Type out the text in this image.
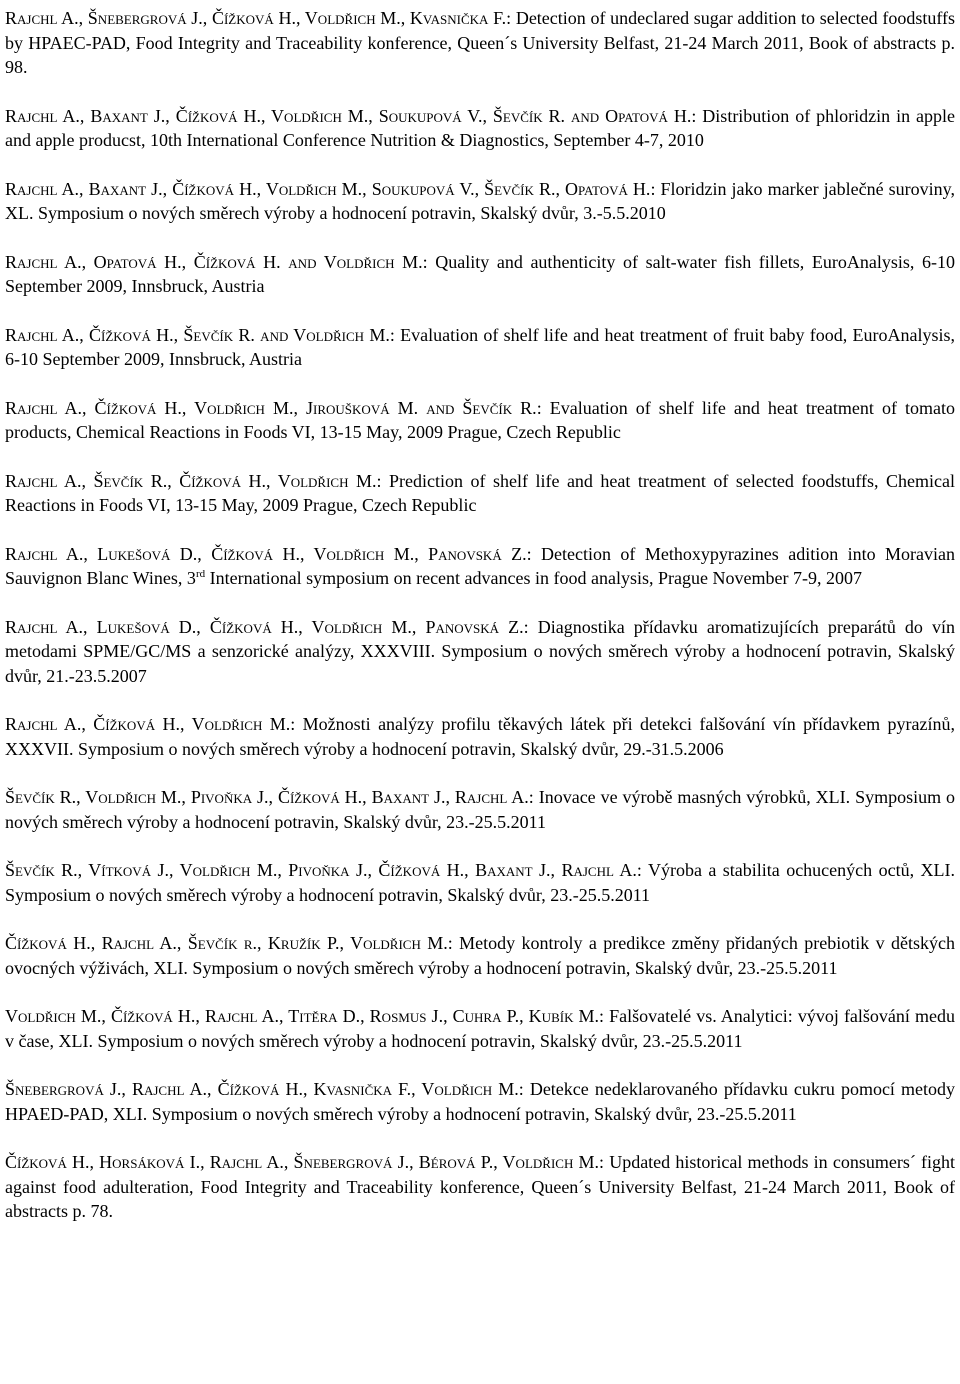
Rajchl A., Šnebergrová J., Čížková H., Voldřich M., Kvasnička F.: Detection of undeclared sugar addition to selected foodstuffs by HPAEC-PAD, Food Integrity and Traceability konference, Queen´s University Belfast, 21-24 March 2011, Book of abstracts p. 98.

Rajchl A., Baxant J., Čížková H., Voldřich M., Soukupová V., Ševčík R. and Opatová H.: Distribution of phloridzin in apple and apple producst, 10th International Conference Nutrition & Diagnostics, September 4-7, 2010

Rajchl A., Baxant J., Čížková H., Voldřich M., Soukupová V., Ševčík R., Opatová H.: Floridzin jako marker jablečné suroviny, XL. Symposium o nových směrech výroby a hodnocení potravin, Skalský dvůr, 3.-5.5.2010

Rajchl A., Opatová H., Čížková H. and Voldřich M.: Quality and authenticity of salt-water fish fillets, EuroAnalysis, 6-10 September 2009, Innsbruck, Austria

Rajchl A., Čížková H., Ševčík R. and Voldřich M.: Evaluation of shelf life and heat treatment of fruit baby food, EuroAnalysis, 6-10 September 2009, Innsbruck, Austria

Rajchl A., Čížková H., Voldřich M., Jiroušková M. and Ševčík R.: Evaluation of shelf life and heat treatment of tomato products, Chemical Reactions in Foods VI, 13-15 May, 2009 Prague, Czech Republic

Rajchl A., Ševčík R., Čížková H., Voldřich M.: Prediction of shelf life and heat treatment of selected foodstuffs, Chemical Reactions in Foods VI, 13-15 May, 2009 Prague, Czech Republic

Rajchl A., Lukešová D., Čížková H., Voldřich M., Panovská Z.: Detection of Methoxypyrazines adition into Moravian Sauvignon Blanc Wines, 3rd International symposium on recent advances in food analysis, Prague November 7-9, 2007

Rajchl A., Lukešová D., Čížková H., Voldřich M., Panovská Z.: Diagnostika přídavku aromatizujících preparátů do vín metodami SPME/GC/MS a senzorické analýzy, XXXVIII. Symposium o nových směrech výroby a hodnocení potravin, Skalský dvůr, 21.-23.5.2007

Rajchl A., Čížková H., Voldřich M.: Možnosti analýzy profilu těkavých látek při detekci falšování vín přídavkem pyrazínů, XXXVII. Symposium o nových směrech výroby a hodnocení potravin, Skalský dvůr, 29.-31.5.2006

Ševčík R., Voldřich M., Pivoňka J., Čížková H., Baxant J., Rajchl A.: Inovace ve výrobě masných výrobků, XLI. Symposium o nových směrech výroby a hodnocení potravin, Skalský dvůr, 23.-25.5.2011

Ševčík R., Vítková J., Voldřich M., Pivoňka J., Čížková H., Baxant J., Rajchl A.: Výroba a stabilita ochucených octů, XLI. Symposium o nových směrech výroby a hodnocení potravin, Skalský dvůr, 23.-25.5.2011

Čížková H., Rajchl A., Ševčík r., Kružík P., Voldřich M.: Metody kontroly a predikce změny přidaných prebiotik v dětských ovocných výživách, XLI. Symposium o nových směrech výroby a hodnocení potravin, Skalský dvůr, 23.-25.5.2011

Voldřich M., Čížková H., Rajchl A., Titěra D., Rosmus J., Cuhra P., Kubík M.: Falšovatelé vs. Analytici: vývoj falšování medu v čase, XLI. Symposium o nových směrech výroby a hodnocení potravin, Skalský dvůr, 23.-25.5.2011

Šnebergrová J., Rajchl A., Čížková H., Kvasnička F., Voldřich M.: Detekce nedeklarovaného přídavku cukru pomocí metody HPAED-PAD, XLI. Symposium o nových směrech výroby a hodnocení potravin, Skalský dvůr, 23.-25.5.2011

Čížková H., Horsáková I., Rajchl A., Šnebergrová J., Bérová P., Voldřich M.: Updated historical methods in consumers´ fight against food adulteration, Food Integrity and Traceability konference, Queen´s University Belfast, 21-24 March 2011, Book of abstracts p. 78.
